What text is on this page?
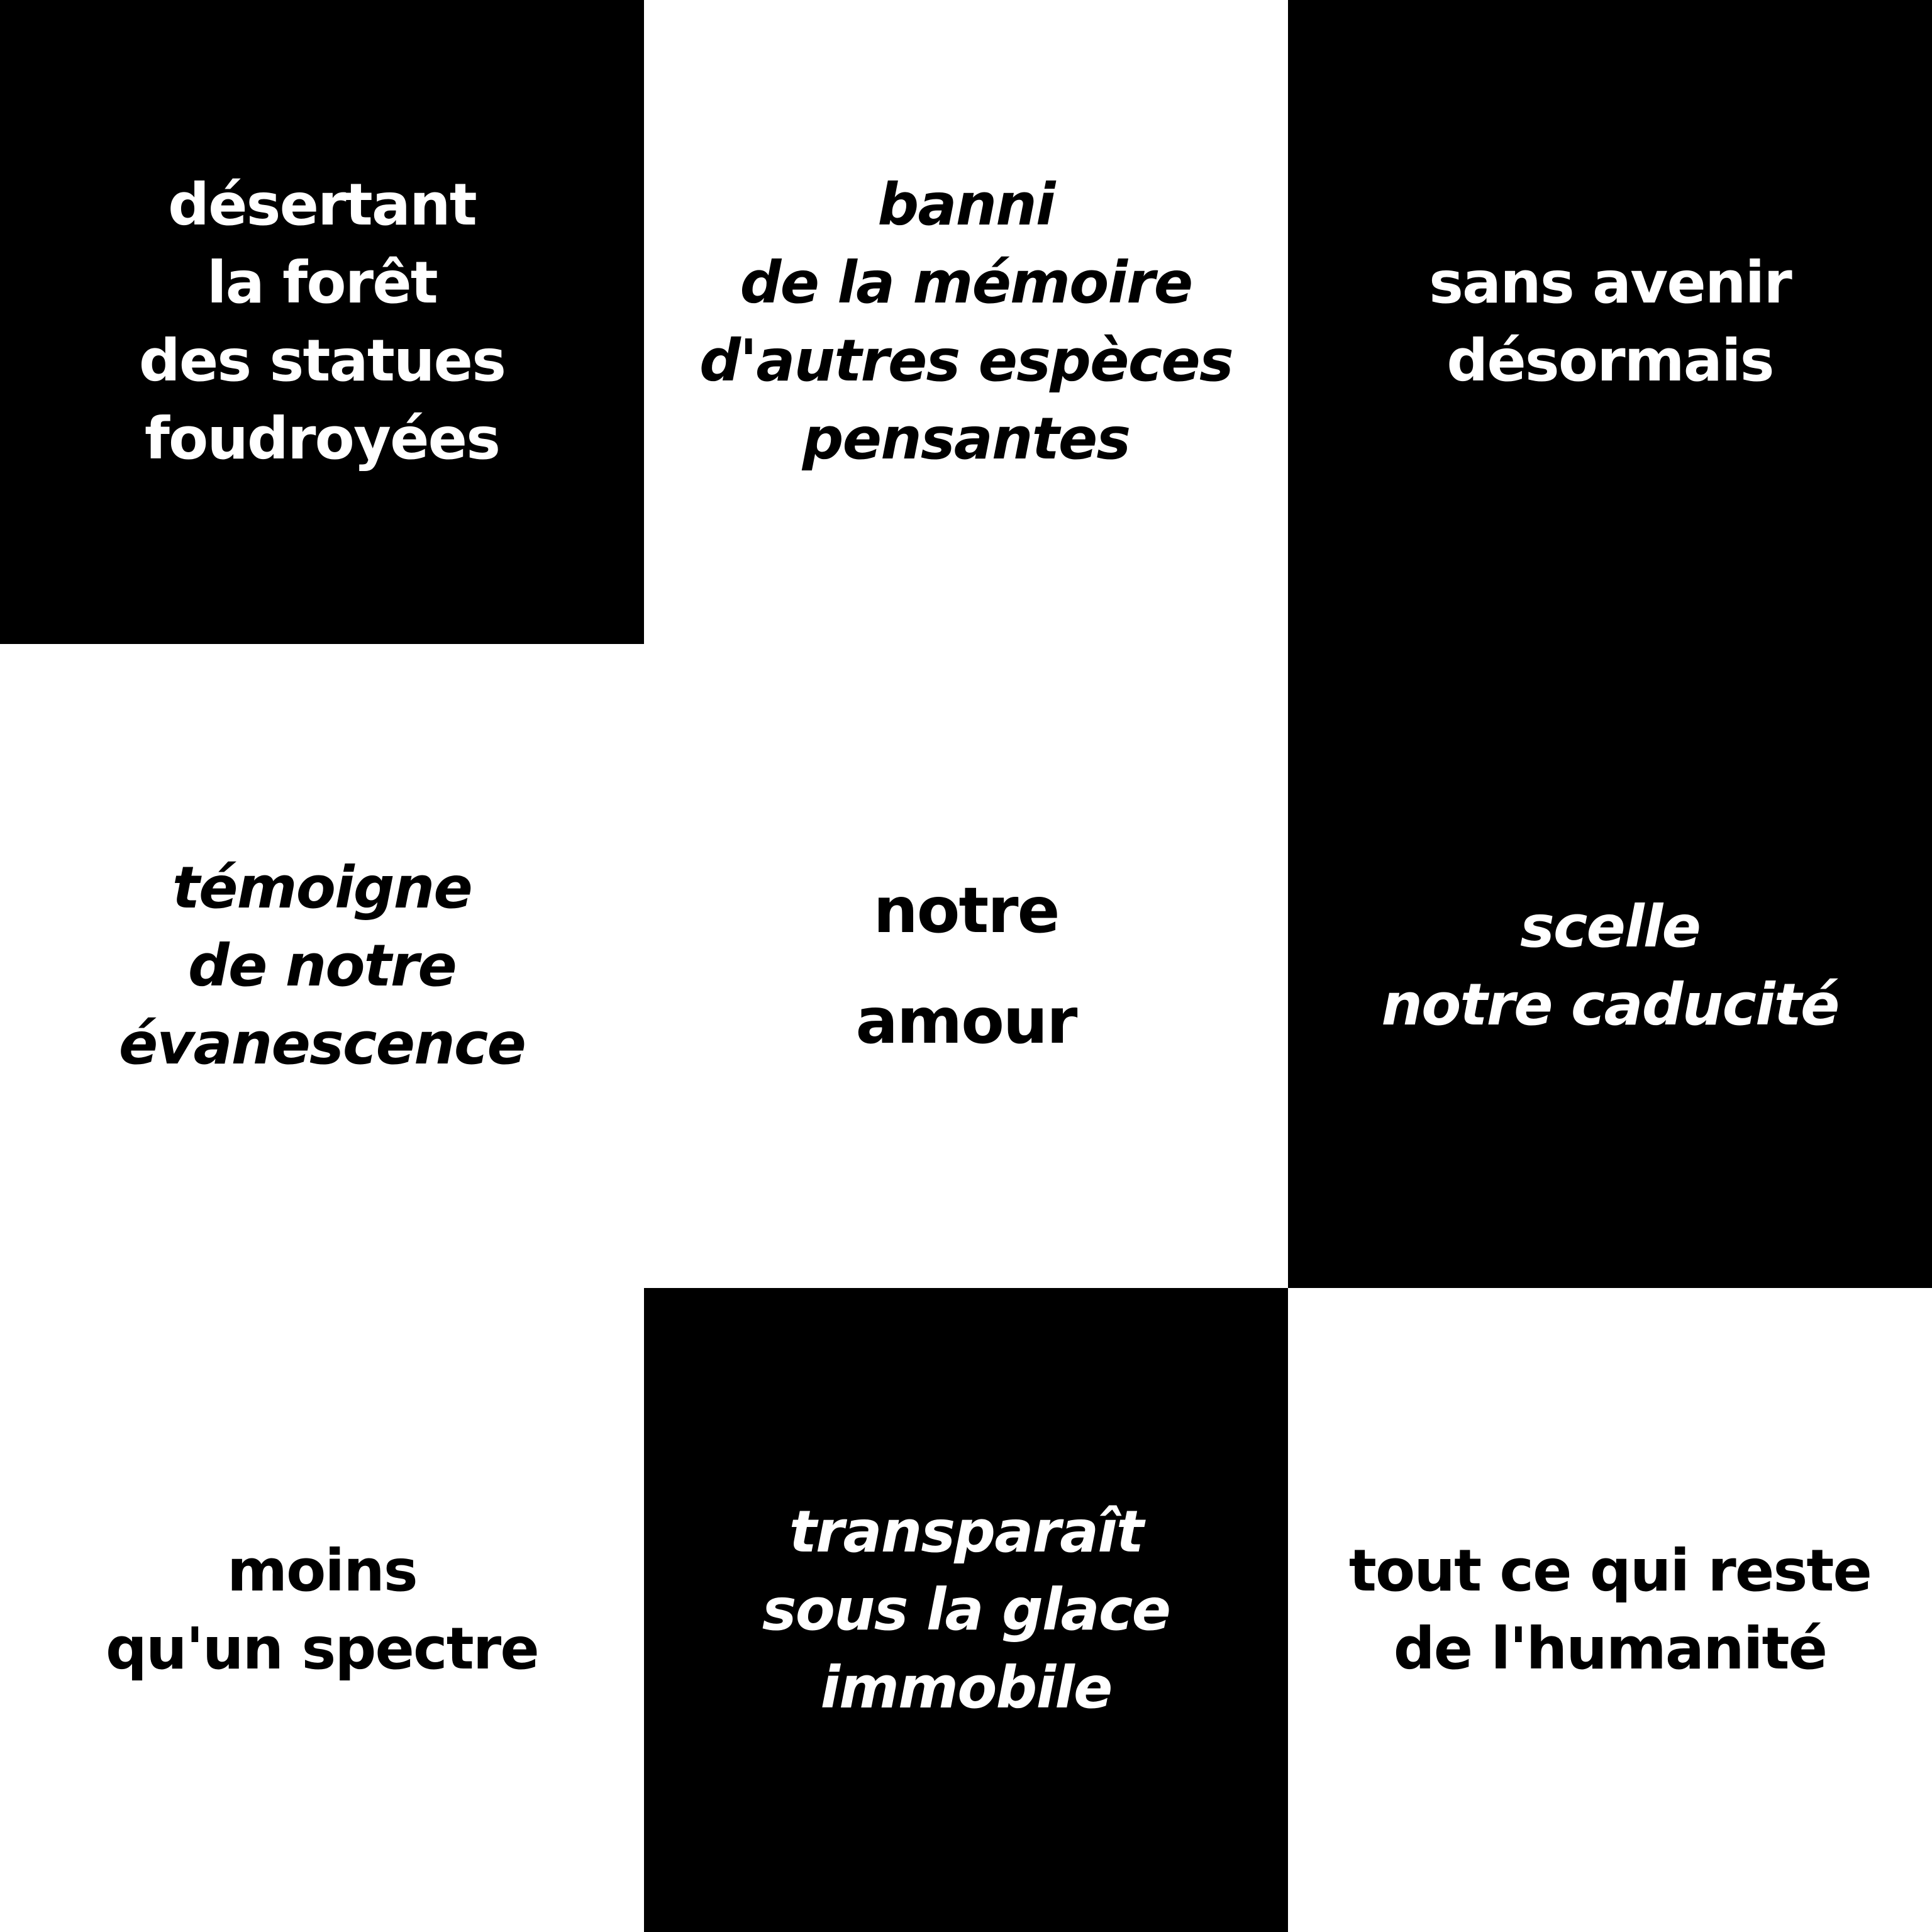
désertant
la forêt
des statues
foudroyées
banni
de la mémoire
d'autres espèces
pensantes
sans avenir
désormais
témoigne
de notre
évanescence
notre
amour
scelle
notre caducité
moins
qu'un spectre
transparaît
sous la glace
immobile
tout ce qui reste
de l'humanité
